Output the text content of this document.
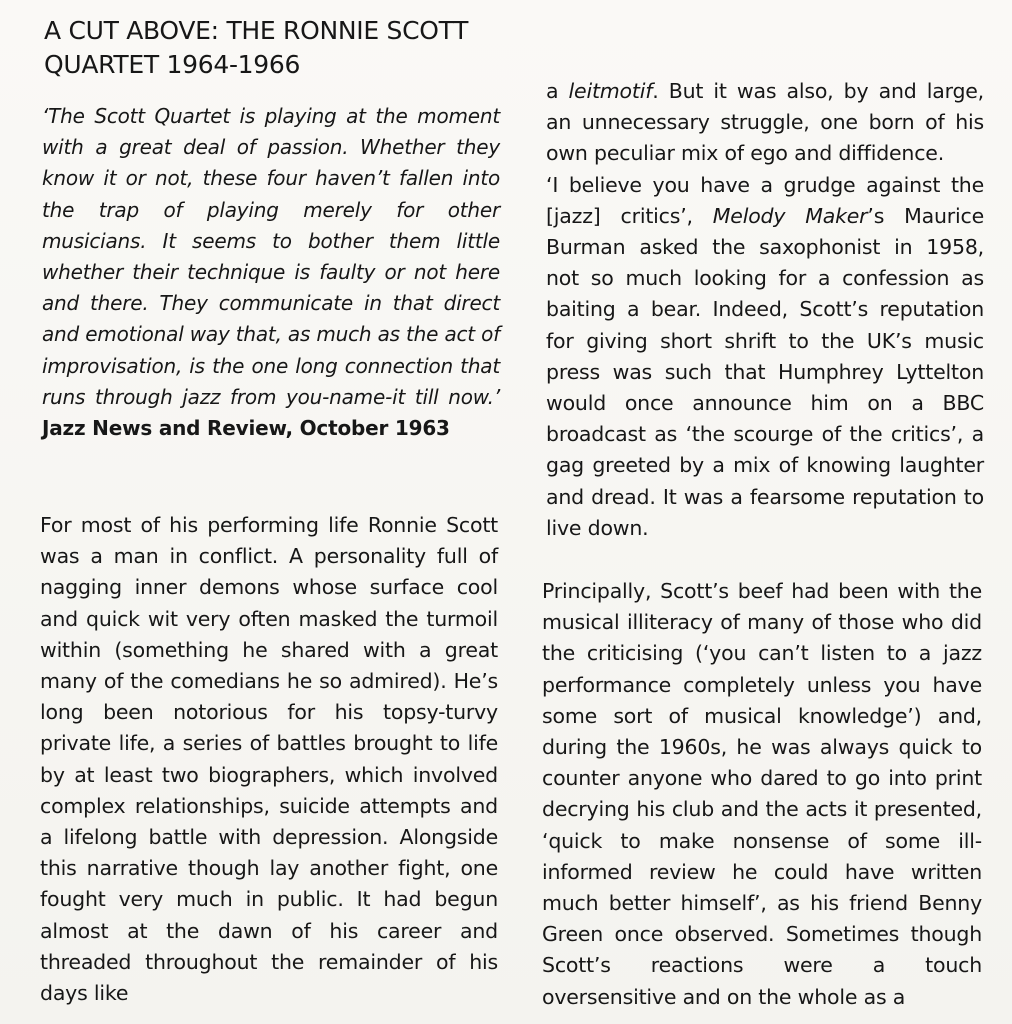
A CUT ABOVE: THE RONNIE SCOTT QUARTET 1964-1966

‘The Scott Quartet is playing at the moment with a great deal of passion. Whether they know it or not, these four haven’t fallen into the trap of playing merely for other musicians. It seems to bother them little whether their technique is faulty or not here and there. They communicate in that direct and emotional way that, as much as the act of improvisation, is the one long connection that runs through jazz from you-name-it till now.’ Jazz News and Review, October 1963

For most of his performing life Ronnie Scott was a man in conflict. A personality full of nagging inner demons whose surface cool and quick wit very often masked the turmoil within (something he shared with a great many of the comedians he so admired). He’s long been notorious for his topsy-turvy private life, a series of battles brought to life by at least two biographers, which involved complex relationships, suicide attempts and a lifelong battle with depression. Alongside this narrative though lay another fight, one fought very much in public. It had begun almost at the dawn of his career and threaded throughout the remainder of his days like

a leitmotif. But it was also, by and large, an unnecessary struggle, one born of his own peculiar mix of ego and diffidence.
‘I believe you have a grudge against the [jazz] critics’, Melody Maker’s Maurice Burman asked the saxophonist in 1958, not so much looking for a confession as baiting a bear. Indeed, Scott’s reputation for giving short shrift to the UK’s music press was such that Humphrey Lyttelton would once announce him on a BBC broadcast as ‘the scourge of the critics’, a gag greeted by a mix of knowing laughter and dread. It was a fearsome reputation to live down.

Principally, Scott’s beef had been with the musical illiteracy of many of those who did the criticising (‘you can’t listen to a jazz performance completely unless you have some sort of musical knowledge’) and, during the 1960s, he was always quick to counter anyone who dared to go into print decrying his club and the acts it presented, ‘quick to make nonsense of some ill-informed review he could have written much better himself’, as his friend Benny Green once observed. Sometimes though Scott’s reactions were a touch oversensitive and on the whole as a
